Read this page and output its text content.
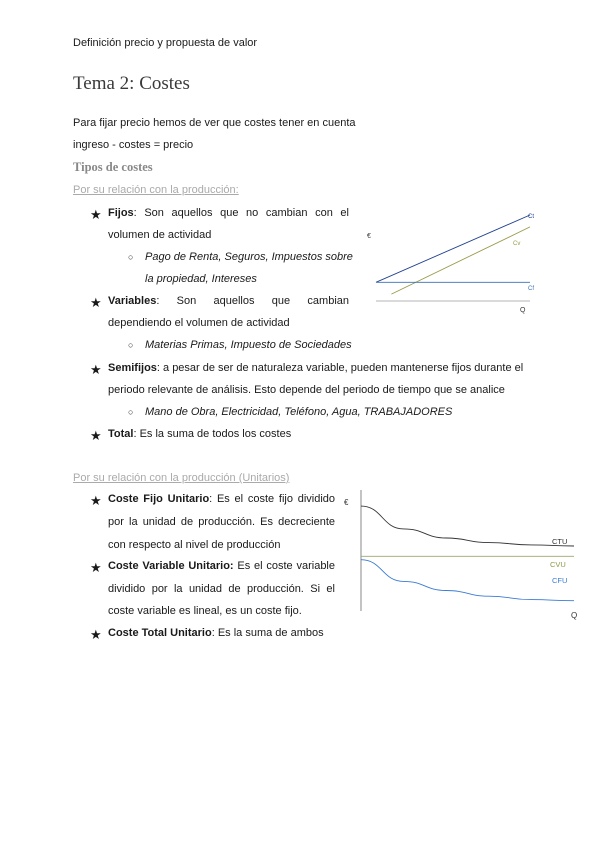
Definición precio y propuesta de valor
Tema 2: Costes
Para fijar precio hemos de ver que costes tener en cuenta
ingreso - costes = precio
Tipos de costes
Por su relación con la producción:
★ Fijos: Son aquellos que no cambian con el
volumen de actividad
○ Pago de Renta, Seguros, Impuestos sobre
la propiedad, Intereses
★ Variables: Son aquellos que cambian
dependiendo el volumen de actividad
○ Materias Primas, Impuesto de Sociedades
★ Semifijos: a pesar de ser de naturaleza variable, pueden mantenerse fijos durante el
periodo relevante de análisis. Esto depende del periodo de tiempo que se analice
○ Mano de Obra, Electricidad, Teléfono, Agua, TRABAJADORES
★ Total: Es la suma de todos los costes
Por su relación con la producción (Unitarios)
★ Coste Fijo Unitario: Es el coste fijo dividido
por la unidad de producción. Es decreciente
con respecto al nivel de producción
★ Coste Variable Unitario: Es el coste variable
dividido por la unidad de producción. Si el
coste variable es lineal, es un coste fijo.
★ Coste Total Unitario: Es la suma de ambos
€
Q
Ct
Cv
Cf
€
Q
CTU
CVU
CFU
